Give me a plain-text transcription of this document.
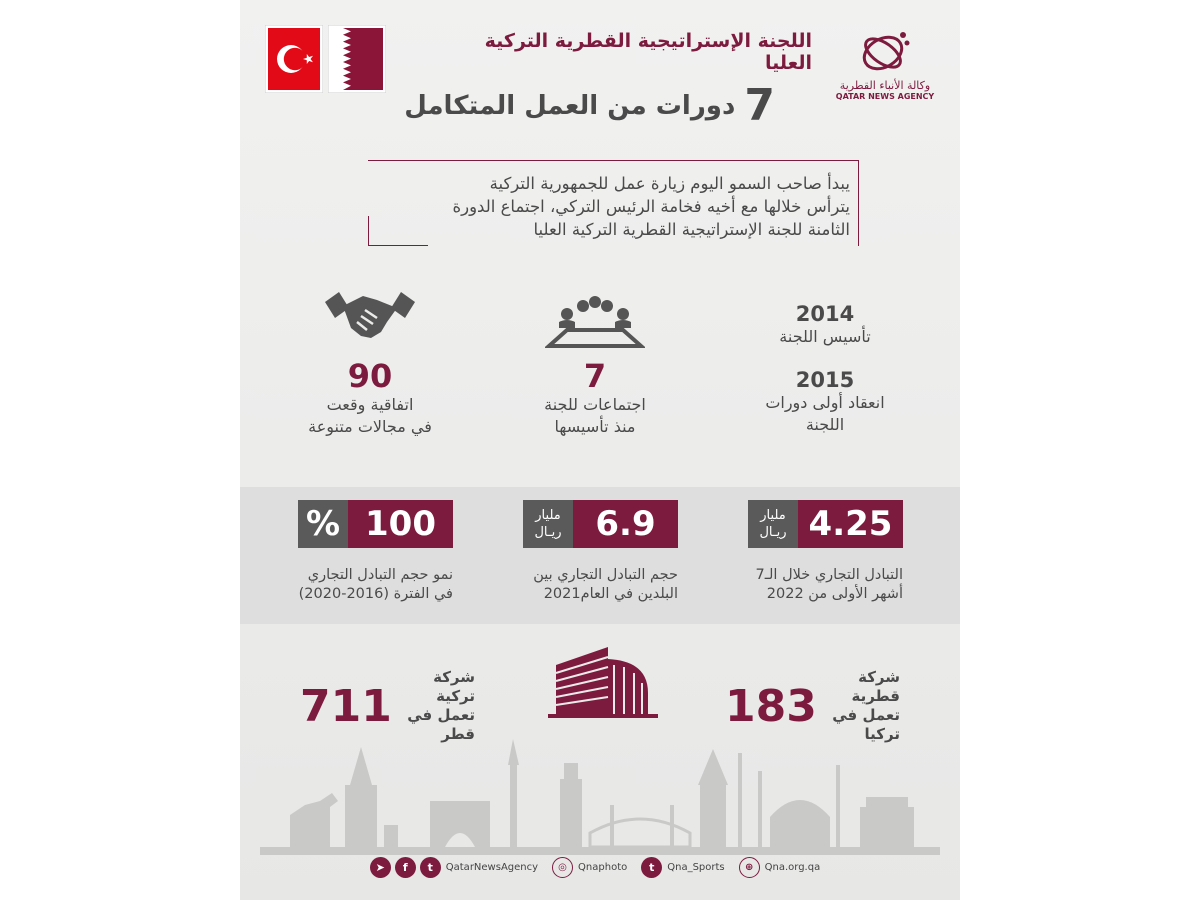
اللجنة الإستراتيجية القطرية التركية العليا
7 دورات من العمل المتكامل
وكالة الأنباء القطرية
QATAR NEWS AGENCY
يبدأ صاحب السمو اليوم زيارة عمل للجمهورية التركية
يترأس خلالها مع أخيه فخامة الرئيس التركي، اجتماع الدورة
الثامنة للجنة الإستراتيجية القطرية التركية العليا
90
اتفاقية وقعت
في مجالات متنوعة
7
اجتماعات للجنة
منذ تأسيسها
2014
تأسيس اللجنة
2015
انعقاد أولى دورات
اللجنة
% 100
نمو حجم التبادل التجاري
في الفترة (2016-2020)
مليار
ريـال 6.9
حجم التبادل التجاري بين
البلدين في العام2021
مليار
ريـال 4.25
التبادل التجاري خلال الـ7
أشهر الأولى من 2022
711
شركة تركية
تعمل في قطر
183
شركة قطرية
تعمل في تركيا
➤	f	t	QatarNewsAgency	◎	Qnaphoto	t	Qna_Sports	⊕	Qna.org.qa
